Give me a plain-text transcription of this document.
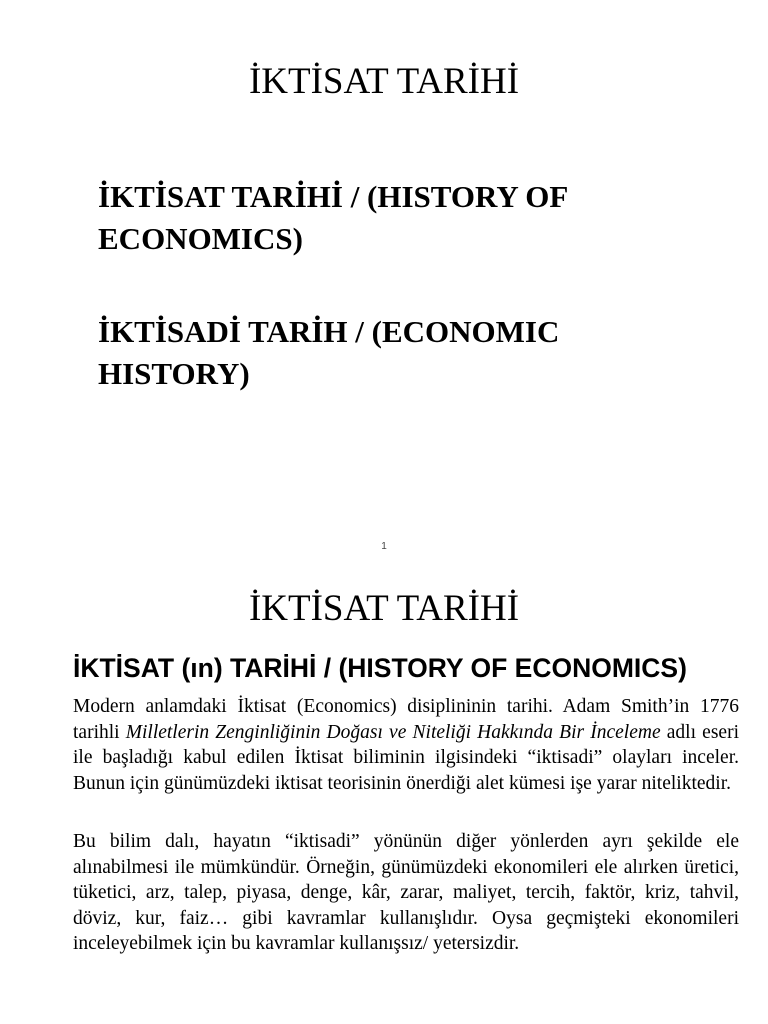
İKTİSAT TARİHİ
İKTİSAT TARİHİ / (HISTORY OF ECONOMICS)
İKTİSADİ TARİH / (ECONOMIC HISTORY)
1
İKTİSAT TARİHİ
İKTİSAT (ın) TARİHİ / (HISTORY OF ECONOMICS)

Modern anlamdaki İktisat (Economics) disiplininin tarihi. Adam Smith’in 1776 tarihli Milletlerin Zenginliğinin Doğası ve Niteliği Hakkında Bir İnceleme adlı eseri ile başladığı kabul edilen İktisat biliminin ilgisindeki “iktisadi” olayları inceler. Bunun için günümüzdeki iktisat teorisinin önerdiği alet kümesi işe yarar niteliktedir.

Bu bilim dalı, hayatın “iktisadi” yönünün diğer yönlerden ayrı şekilde ele alınabilmesi ile mümkündür. Örneğin, günümüzdeki ekonomileri ele alırken üretici, tüketici, arz, talep, piyasa, denge, kâr, zarar, maliyet, tercih, faktör, kriz, tahvil, döviz, kur, faiz… gibi kavramlar kullanışlıdır. Oysa geçmişteki ekonomileri inceleyebilmek için bu kavramlar kullanışsız/ yetersizdir.
